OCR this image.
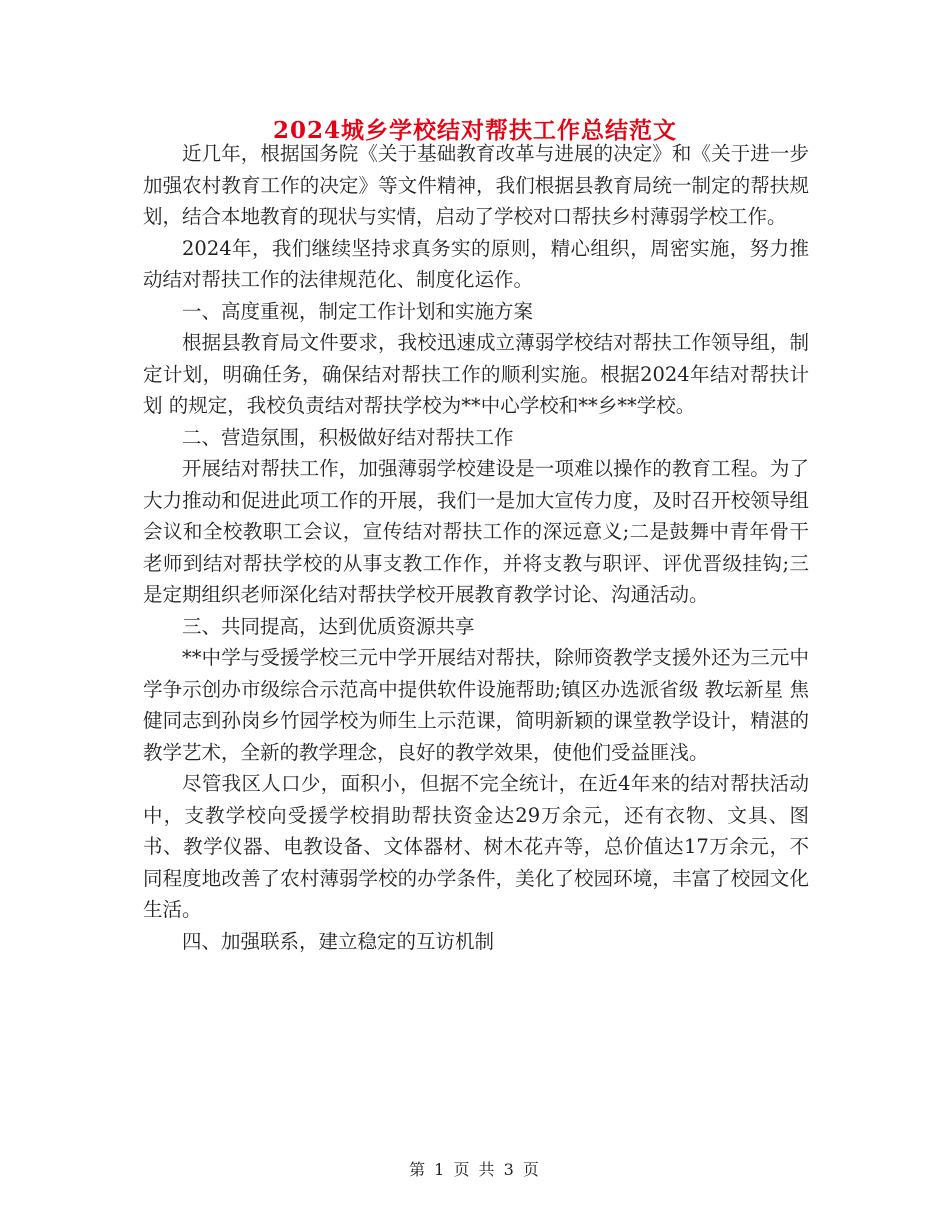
2024城乡学校结对帮扶工作总结范文

近几年，根据国务院《关于基础教育改革与进展的决定》和《关于进一步加强农村教育工作的决定》等文件精神，我们根据县教育局统一制定的帮扶规划，结合本地教育的现状与实情，启动了学校对口帮扶乡村薄弱学校工作。

2024年，我们继续坚持求真务实的原则，精心组织，周密实施，努力推动结对帮扶工作的法律规范化、制度化运作。

一、高度重视，制定工作计划和实施方案

根据县教育局文件要求，我校迅速成立薄弱学校结对帮扶工作领导组，制定计划，明确任务，确保结对帮扶工作的顺利实施。根据2024年结对帮扶计划 的规定，我校负责结对帮扶学校为**中心学校和**乡**学校。

二、营造氛围，积极做好结对帮扶工作

开展结对帮扶工作，加强薄弱学校建设是一项难以操作的教育工程。为了大力推动和促进此项工作的开展，我们一是加大宣传力度，及时召开校领导组会议和全校教职工会议，宣传结对帮扶工作的深远意义;二是鼓舞中青年骨干老师到结对帮扶学校的从事支教工作作，并将支教与职评、评优晋级挂钩;三是定期组织老师深化结对帮扶学校开展教育教学讨论、沟通活动。

三、共同提高，达到优质资源共享

**中学与受援学校三元中学开展结对帮扶，除师资教学支援外还为三元中学争示创办市级综合示范高中提供软件设施帮助;镇区办选派省级 教坛新星 焦健同志到孙岗乡竹园学校为师生上示范课，简明新颖的课堂教学设计，精湛的教学艺术，全新的教学理念，良好的教学效果，使他们受益匪浅。

尽管我区人口少，面积小，但据不完全统计，在近4年来的结对帮扶活动中，支教学校向受援学校捐助帮扶资金达29万余元，还有衣物、文具、图书、教学仪器、电教设备、文体器材、树木花卉等，总价值达17万余元，不同程度地改善了农村薄弱学校的办学条件，美化了校园环境，丰富了校园文化生活。

四、加强联系，建立稳定的互访机制

第 1 页 共 3 页
